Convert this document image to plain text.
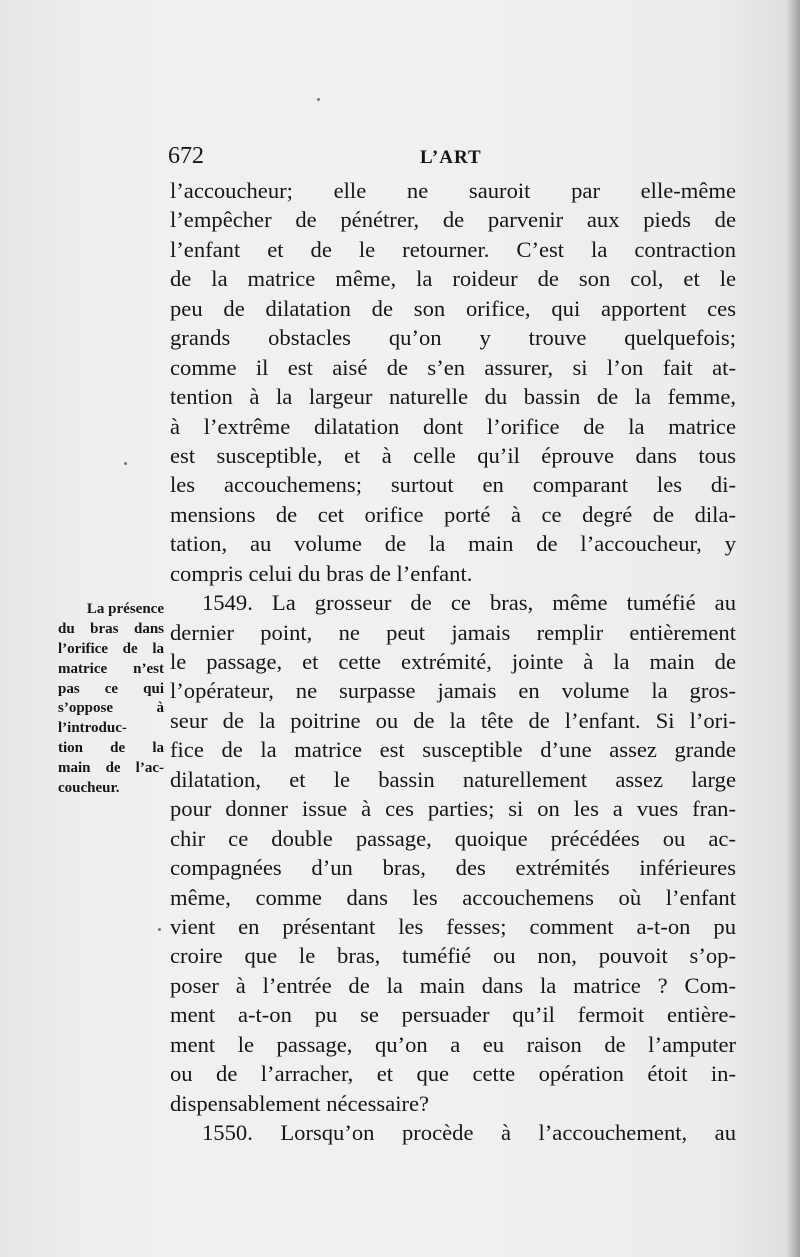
672	L’ART
l’accoucheur; elle ne sauroit par elle-même
l’empêcher de pénétrer, de parvenir aux pieds de
l’enfant et de le retourner. C’est la contraction
de la matrice même, la roideur de son col, et le
peu de dilatation de son orifice, qui apportent ces
grands obstacles qu’on y trouve quelquefois;
comme il est aisé de s’en assurer, si l’on fait at-
tention à la largeur naturelle du bassin de la femme,
à l’extrême dilatation dont l’orifice de la matrice
est susceptible, et à celle qu’il éprouve dans tous
les accouchemens; surtout en comparant les di-
mensions de cet orifice porté à ce degré de dila-
tation, au volume de la main de l’accoucheur, y
compris celui du bras de l’enfant.
1549. La grosseur de ce bras, même tuméfié au
dernier point, ne peut jamais remplir entièrement
le passage, et cette extrémité, jointe à la main de
l’opérateur, ne surpasse jamais en volume la gros-
seur de la poitrine ou de la tête de l’enfant. Si l’ori-
fice de la matrice est susceptible d’une assez grande
dilatation, et le bassin naturellement assez large
pour donner issue à ces parties; si on les a vues fran-
chir ce double passage, quoique précédées ou ac-
compagnées d’un bras, des extrémités inférieures
même, comme dans les accouchemens où l’enfant
vient en présentant les fesses; comment a-t-on pu
croire que le bras, tuméfié ou non, pouvoit s’op-
poser à l’entrée de la main dans la matrice ? Com-
ment a-t-on pu se persuader qu’il fermoit entière-
ment le passage, qu’on a eu raison de l’amputer
ou de l’arracher, et que cette opération étoit in-
dispensablement nécessaire?
1550. Lorsqu’on procède à l’accouchement, au
La présence
du bras dans
l’orifice de la
matrice n’est
pas ce qui
s’oppose à
l’introduc-
tion de la
main de l’ac-
coucheur.
